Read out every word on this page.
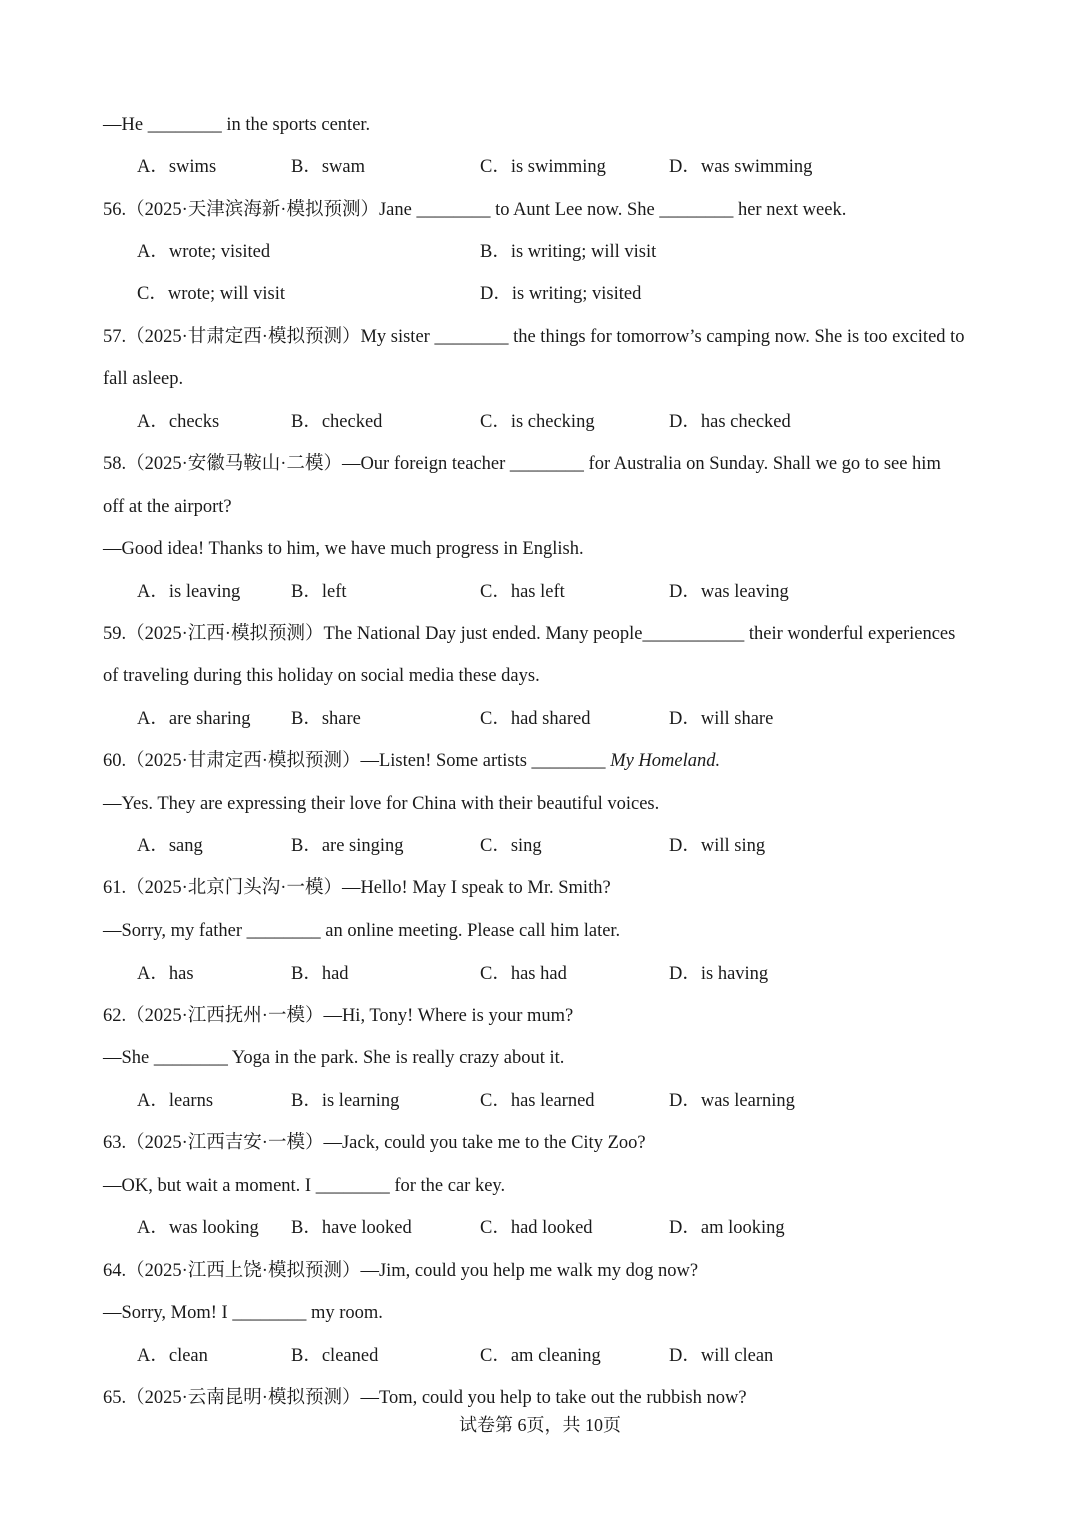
—He ________ in the sports center.
A．swims	B．swam	C．is swimming	D．was swimming
56.（2025·天津滨海新·模拟预测）Jane ________ to Aunt Lee now. She ________ her next week.
A．wrote; visited	B．is writing; will visit
C．wrote; will visit	D．is writing; visited
57.（2025·甘肃定西·模拟预测）My sister ________ the things for tomorrow’s camping now. She is too excited to
fall asleep.
A．checks	B．checked	C．is checking	D．has checked
58.（2025·安徽马鞍山·二模）—Our foreign teacher ________ for Australia on Sunday. Shall we go to see him
off at the airport?
—Good idea! Thanks to him, we have much progress in English.
A．is leaving	B．left	C．has left	D．was leaving
59.（2025·江西·模拟预测）The National Day just ended. Many people___________ their wonderful experiences
of traveling during this holiday on social media these days.
A．are sharing B．share	C．had shared	D．will share
60.（2025·甘肃定西·模拟预测）—Listen! Some artists ________ My Homeland.
—Yes. They are expressing their love for China with their beautiful voices.
A．sang	B．are singing	C．sing	D．will sing
61.（2025·北京门头沟·一模）—Hello! May I speak to Mr. Smith?
—Sorry, my father ________ an online meeting. Please call him later.
A．has	B．had	C．has had	D．is having
62.（2025·江西抚州·一模）—Hi, Tony! Where is your mum?
—She ________ Yoga in the park. She is really crazy about it.
A．learns	B．is learning	C．has learned	D．was learning
63.（2025·江西吉安·一模）—Jack, could you take me to the City Zoo?
—OK, but wait a moment. I ________ for the car key.
A．was looking B．have looked	C．had looked	D．am looking
64.（2025·江西上饶·模拟预测）—Jim, could you help me walk my dog now?
—Sorry, Mom! I ________ my room.
A．clean	B．cleaned	C．am cleaning	D．will clean
65.（2025·云南昆明·模拟预测）—Tom, could you help to take out the rubbish now?
试卷第 6页，共 10页
